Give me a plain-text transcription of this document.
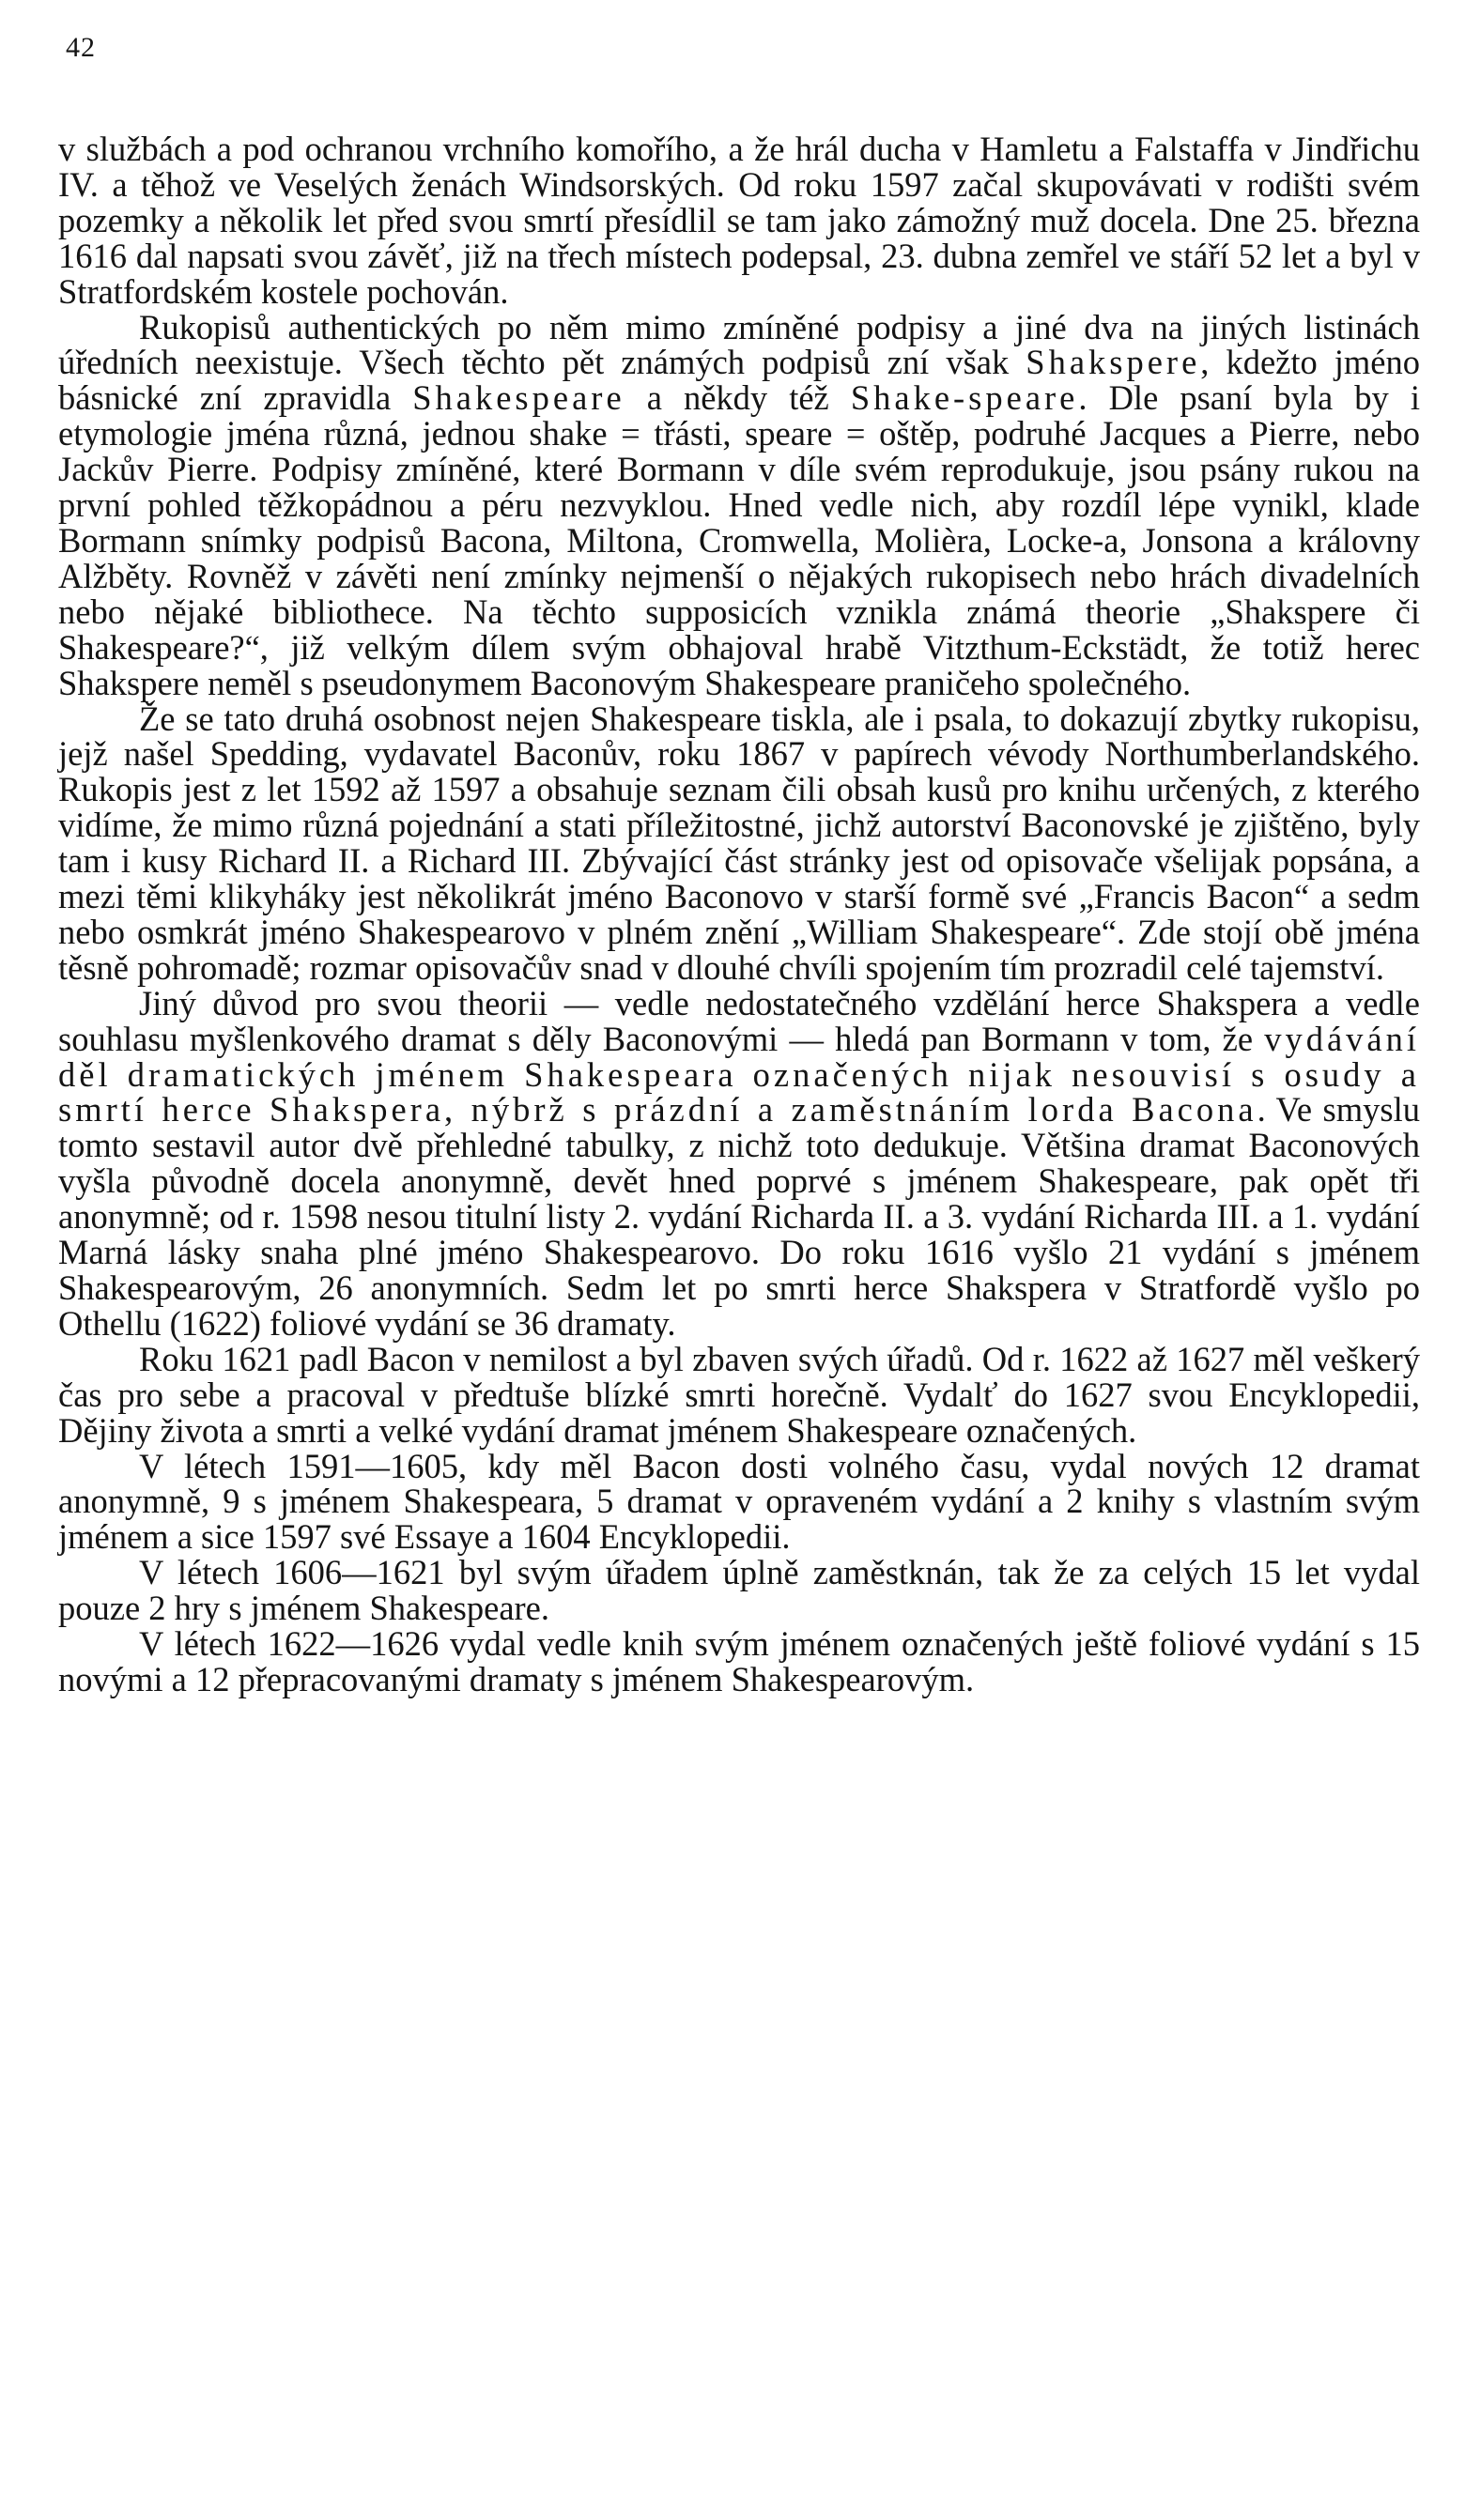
42

v službách a pod ochranou vrchního komořího, a že hrál ducha v Hamletu a Falstaffa v Jindřichu IV. a těhož ve Veselých ženách Windsorských. Od roku 1597 začal skupovávati v rodišti svém pozemky a několik let před svou smrtí přesídlil se tam jako zámožný muž docela. Dne 25. března 1616 dal napsati svou závěť, již na třech místech podepsal, 23. dubna zemřel ve stáří 52 let a byl v Stratfordském kostele pochován.

Rukopisů authentických po něm mimo zmíněné podpisy a jiné dva na jiných listinách úředních neexistuje. Všech těchto pět známých podpisů zní však Shakspere, kdežto jméno básnické zní zpravidla Shakespeare a někdy též Shake-speare. Dle psaní byla by i etymologie jména různá, jednou shake = třásti, speare = oštěp, podruhé Jacques a Pierre, nebo Jackův Pierre. Podpisy zmíněné, které Bormann v díle svém reprodukuje, jsou psány rukou na první pohled těžkopádnou a péru nezvyklou. Hned vedle nich, aby rozdíl lépe vynikl, klade Bormann snímky podpisů Bacona, Miltona, Cromwella, Molièra, Locke-a, Jonsona a královny Alžběty. Rovněž v závěti není zmínky nejmenší o nějakých rukopisech nebo hrách divadelních nebo nějaké bibliothece. Na těchto supposicích vznikla známá theorie „Shakspere či Shakespeare?“, již velkým dílem svým obhajoval hrabě Vitzthum-Eckstädt, že totiž herec Shakspere neměl s pseudonymem Baconovým Shakespeare pranic̆eho společného.

Že se tato druhá osobnost nejen Shakespeare tiskla, ale i psala, to dokazují zbytky rukopisu, jejž našel Spedding, vydavatel Baconův, roku 1867 v papírech vévody Northumberlandského. Rukopis jest z let 1592 až 1597 a obsahuje seznam čili obsah kusů pro knihu určených, z kterého vidíme, že mimo různá pojednání a stati příležitostné, jichž autorství Baconovské je zjištěno, byly tam i kusy Richard II. a Richard III. Zbývající část stránky jest od opisovače všelijak popsána, a mezi těmi klikyháky jest několikrát jméno Baconovo v starší formě své „Francis Bacon“ a sedm nebo osmkrát jméno Shakespearovo v plném znění „William Shakespeare“. Zde stojí obě jména těsně pohromadě; rozmar opisovačův snad v dlouhé chvíli spojením tím prozradil celé tajemství.

Jiný důvod pro svou theorii — vedle nedostatečného vzdělání herce Shakspera a vedle souhlasu myšlenkového dramat s děly Baconovými — hledá pan Bormann v tom, že vydávání děl dramatických jménem Shakespeara označených nijak nesouvisí s osudy a smrtí herce Shakspera, nýbrž s prázdní a zaměstnáním lorda Bacona. Ve smyslu tomto sestavil autor dvě přehledné tabulky, z nichž toto dedukuje. Většina dramat Baconových vyšla původně docela anonymně, devět hned poprvé s jménem Shakespeare, pak opět tři anonymně; od r. 1598 nesou titulní listy 2. vydání Richarda II. a 3. vydání Richarda III. a 1. vydání Marná lásky snaha plné jméno Shakespearovo. Do roku 1616 vyšlo 21 vydání s jménem Shakespearovým, 26 anonymních. Sedm let po smrti herce Shakspera v Stratfordě vyšlo po Othellu (1622) foliové vydání se 36 dramaty.

Roku 1621 padl Bacon v nemilost a byl zbaven svých úřadů. Od r. 1622 až 1627 měl veškerý čas pro sebe a pracoval v předtuše blízké smrti horečně. Vydalť do 1627 svou Encyklopedii, Dějiny života a smrti a velké vydání dramat jménem Shakespeare označených.

V létech 1591—1605, kdy měl Bacon dosti volného času, vydal nových 12 dramat anonymně, 9 s jménem Shakespeara, 5 dramat v opraveném vydání a 2 knihy s vlastním svým jménem a sice 1597 své Essaye a 1604 Encyklopedii.

V létech 1606—1621 byl svým úřadem úplně zaměstknán, tak že za celých 15 let vydal pouze 2 hry s jménem Shakespeare.

V létech 1622—1626 vydal vedle knih svým jménem označených ještě foliové vydání s 15 novými a 12 přepracovanými dramaty s jménem Shakespearovým.
